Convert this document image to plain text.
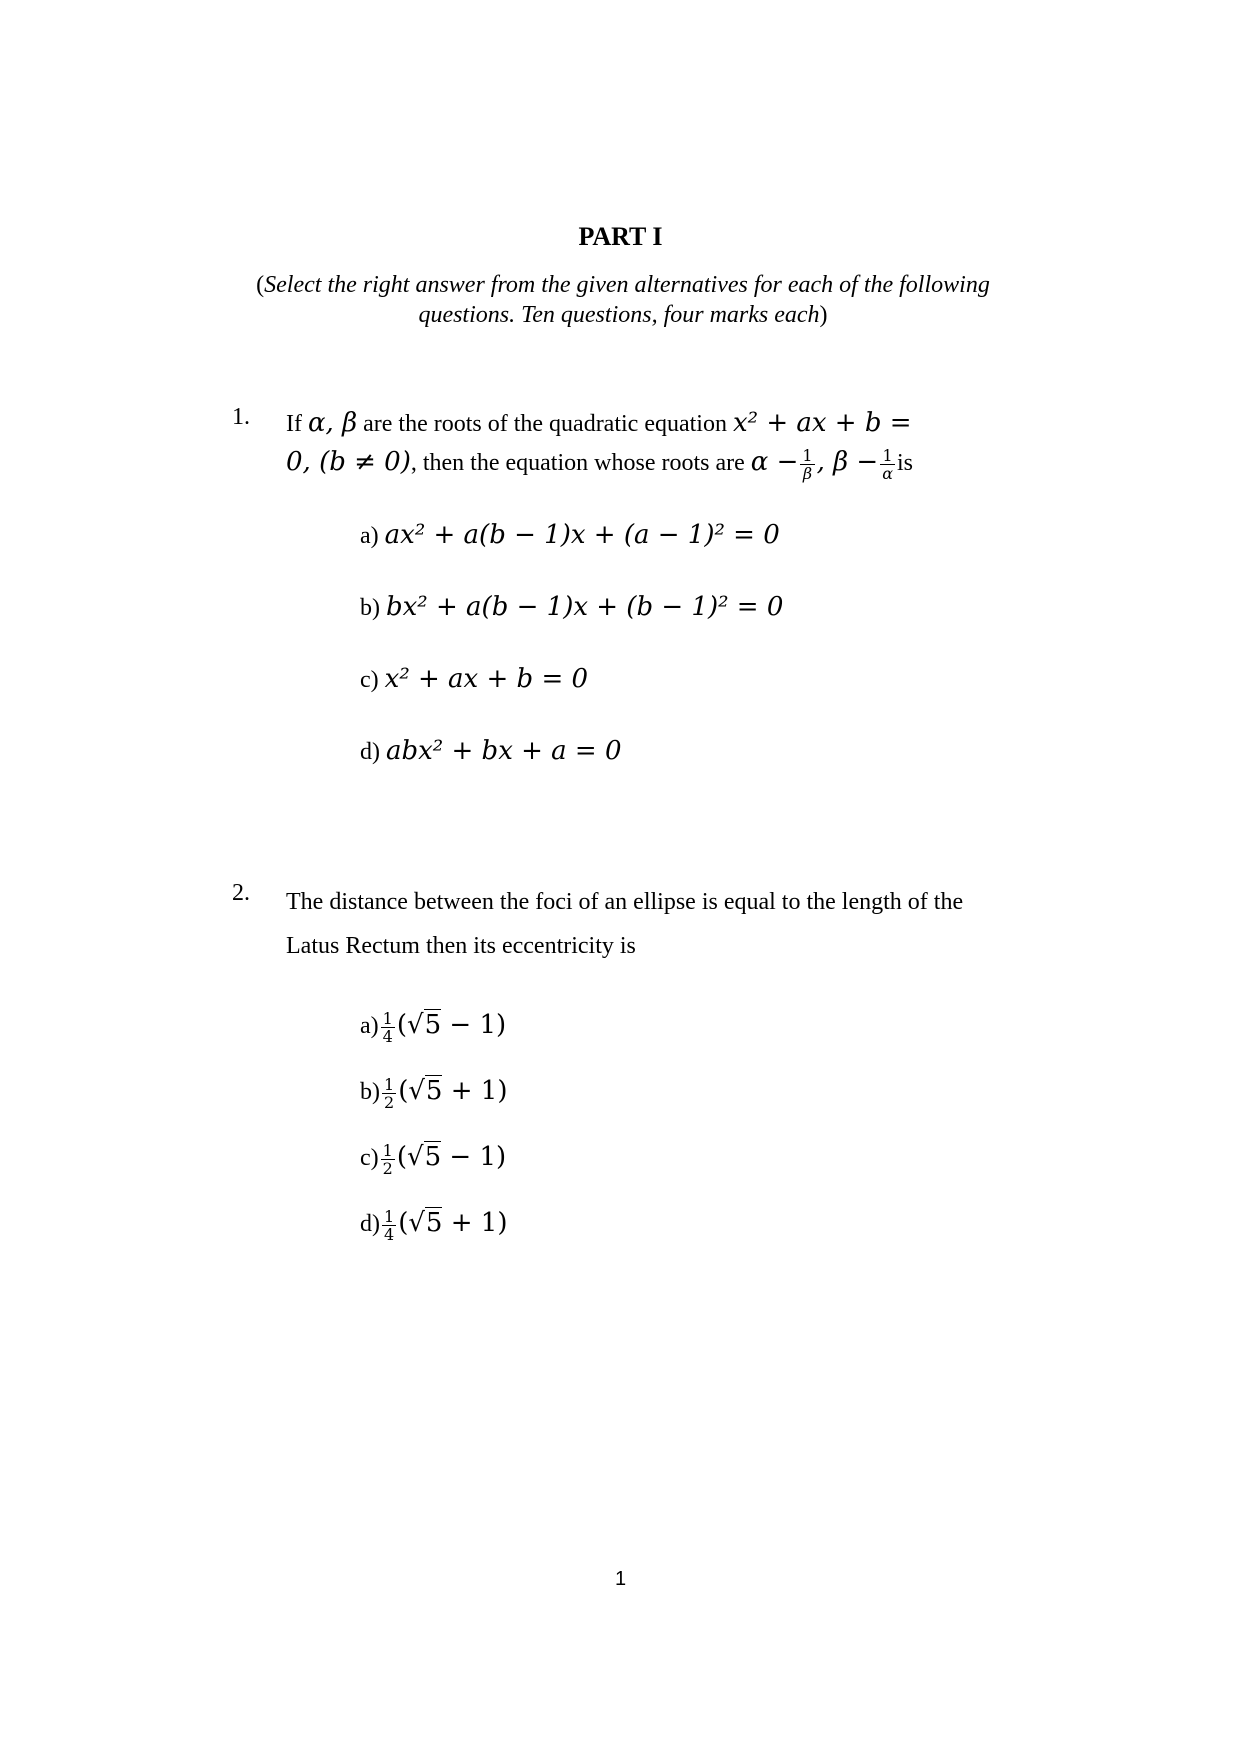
PART I
(Select the right answer from the given alternatives for each of the following questions. Ten questions, four marks each)
1. If α, β are the roots of the quadratic equation x² + ax + b =
0, (b ≠ 0), then the equation whose roots are $\alpha - \frac{1}{\beta}$ , $\beta - \frac{1}{\alpha}$ is
a) ax² + a(b − 1)x + (a − 1)² = 0
b) bx² + a(b − 1)x + (b − 1)² = 0
c) x² + ax + b = 0
d) abx² + bx + a = 0
2. The distance between the foci of an ellipse is equal to the length of the
Latus Rectum then its eccentricity is
$a) \frac{1}{4} (√5 - 1)$
$b) \frac{1}{2} (√5 + 1)$
$c) \frac{1}{2} (√5 - 1)$
$d) \frac{1}{4} (√5 + 1)$
1
